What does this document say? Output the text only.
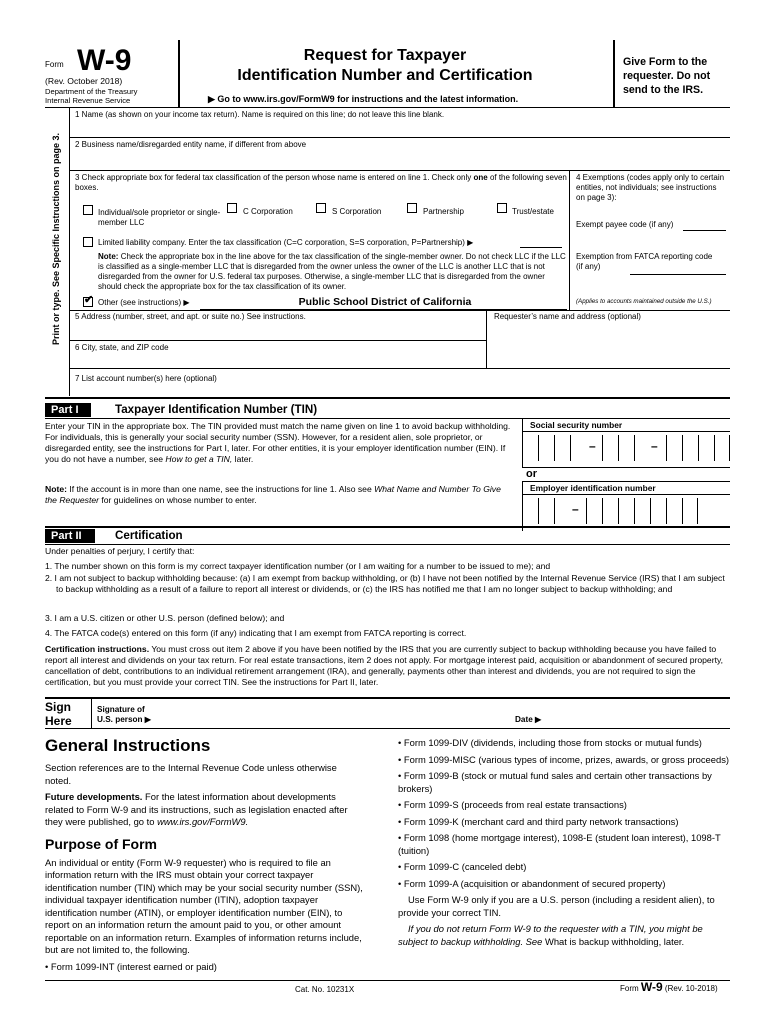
Form W-9
(Rev. October 2018)
Department of the Treasury
Internal Revenue Service
Request for Taxpayer
Identification Number and Certification
▶ Go to www.irs.gov/FormW9 for instructions and the latest information.
Give Form to the requester. Do not send to the IRS.
Print or type. See Specific Instructions on page 3.
1 Name (as shown on your income tax return). Name is required on this line; do not leave this line blank.
2 Business name/disregarded entity name, if different from above
3 Check appropriate box for federal tax classification of the person whose name is entered on line 1. Check only one of the following seven boxes.
Individual/sole proprietor or single-member LLC
C Corporation	S Corporation	Partnership	Trust/estate
Limited liability company. Enter the tax classification (C=C corporation, S=S corporation, P=Partnership) ▶
Note: Check the appropriate box in the line above for the tax classification of the single-member owner. Do not check LLC if the LLC is classified as a single-member LLC that is disregarded from the owner unless the owner of the LLC is another LLC that is not disregarded from the owner for U.S. federal tax purposes. Otherwise, a single-member LLC that is disregarded from the owner should check the appropriate box for the tax classification of its owner.
✔ Other (see instructions) ▶	Public School District of California
4 Exemptions (codes apply only to certain entities, not individuals; see instructions on page 3):
Exempt payee code (if any)
Exemption from FATCA reporting code (if any)
(Applies to accounts maintained outside the U.S.)
5 Address (number, street, and apt. or suite no.) See instructions.	Requester’s name and address (optional)
6 City, state, and ZIP code
7 List account number(s) here (optional)
Part I	Taxpayer Identification Number (TIN)
Enter your TIN in the appropriate box. The TIN provided must match the name given on line 1 to avoid backup withholding. For individuals, this is generally your social security number (SSN). However, for a resident alien, sole proprietor, or disregarded entity, see the instructions for Part I, later. For other entities, it is your employer identification number (EIN). If you do not have a number, see How to get a TIN, later.
Note: If the account is in more than one name, see the instructions for line 1. Also see What Name and Number To Give the Requester for guidelines on whose number to enter.
Social security number
–	–
or
Employer identification number
–
Part II	Certification
Under penalties of perjury, I certify that:
1. The number shown on this form is my correct taxpayer identification number (or I am waiting for a number to be issued to me); and
2. I am not subject to backup withholding because: (a) I am exempt from backup withholding, or (b) I have not been notified by the Internal Revenue Service (IRS) that I am subject to backup withholding as a result of a failure to report all interest or dividends, or (c) the IRS has notified me that I am no longer subject to backup withholding; and
3. I am a U.S. citizen or other U.S. person (defined below); and
4. The FATCA code(s) entered on this form (if any) indicating that I am exempt from FATCA reporting is correct.
Certification instructions. You must cross out item 2 above if you have been notified by the IRS that you are currently subject to backup withholding because you have failed to report all interest and dividends on your tax return. For real estate transactions, item 2 does not apply. For mortgage interest paid, acquisition or abandonment of secured property, cancellation of debt, contributions to an individual retirement arrangement (IRA), and generally, payments other than interest and dividends, you are not required to sign the certification, but you must provide your correct TIN. See the instructions for Part II, later.
Sign
Here
Signature of
U.S. person ▶	Date ▶
General Instructions

Section references are to the Internal Revenue Code unless otherwise noted.

Future developments. For the latest information about developments related to Form W-9 and its instructions, such as legislation enacted after they were published, go to www.irs.gov/FormW9.

Purpose of Form

An individual or entity (Form W-9 requester) who is required to file an information return with the IRS must obtain your correct taxpayer identification number (TIN) which may be your social security number (SSN), individual taxpayer identification number (ITIN), adoption taxpayer identification number (ATIN), or employer identification number (EIN), to report on an information return the amount paid to you, or other amount reportable on an information return. Examples of information returns include, but are not limited to, the following.

• Form 1099-INT (interest earned or paid)

• Form 1099-DIV (dividends, including those from stocks or mutual funds)

• Form 1099-MISC (various types of income, prizes, awards, or gross proceeds)

• Form 1099-B (stock or mutual fund sales and certain other transactions by brokers)

• Form 1099-S (proceeds from real estate transactions)

• Form 1099-K (merchant card and third party network transactions)

• Form 1098 (home mortgage interest), 1098-E (student loan interest), 1098-T (tuition)

• Form 1099-C (canceled debt)

• Form 1099-A (acquisition or abandonment of secured property)

Use Form W-9 only if you are a U.S. person (including a resident alien), to provide your correct TIN.

If you do not return Form W-9 to the requester with a TIN, you might be subject to backup withholding. See What is backup withholding, later.

Cat. No. 10231X	Form W-9 (Rev. 10-2018)
